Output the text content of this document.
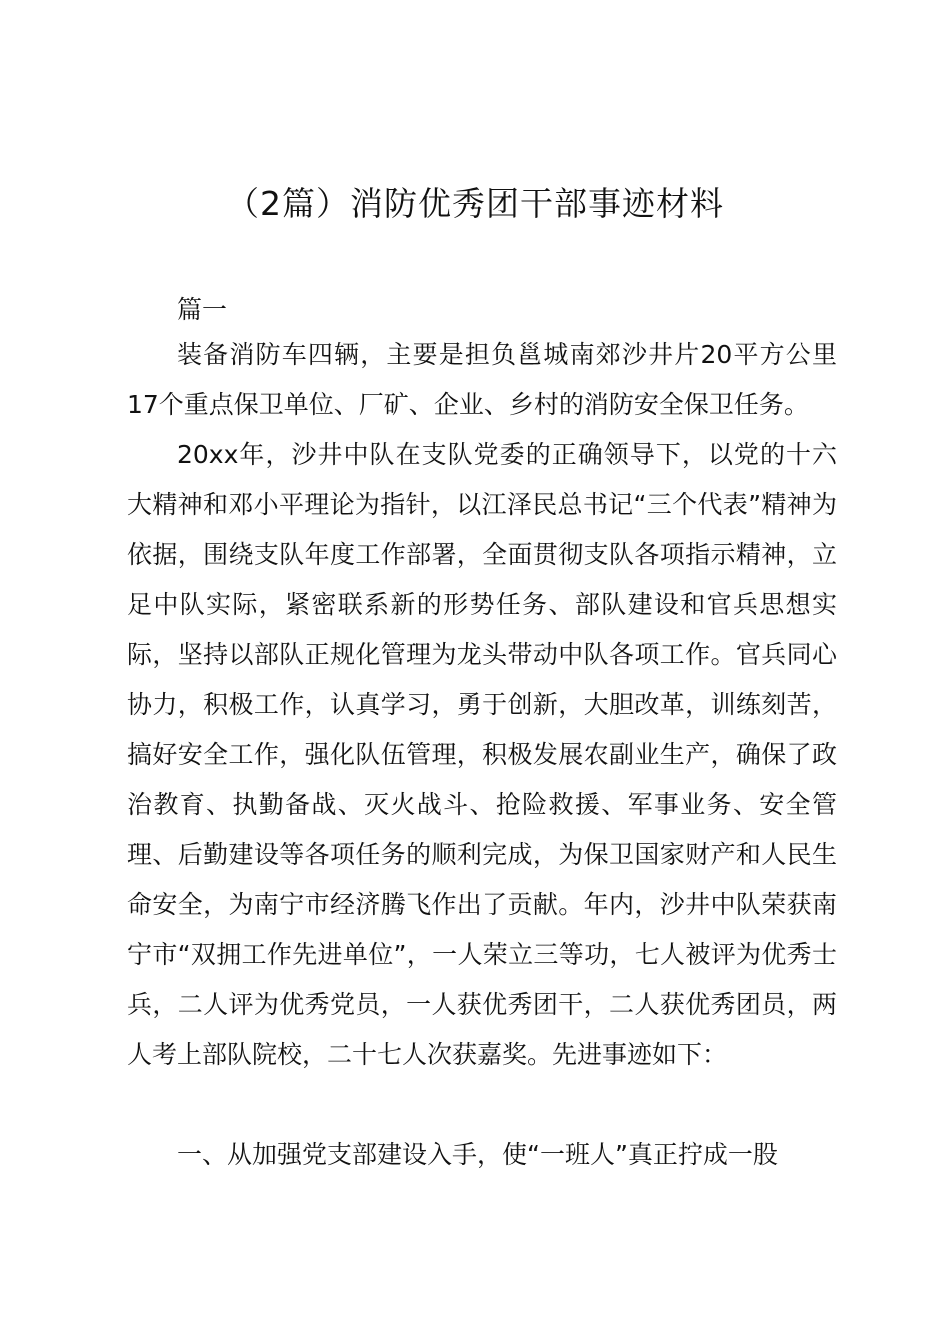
（2篇）消防优秀团干部事迹材料
篇一
装备消防车四辆，主要是担负邕城南郊沙井片20平方公里17个重点保卫单位、厂矿、企业、乡村的消防安全保卫任务。
20xx年，沙井中队在支队党委的正确领导下，以党的十六大精神和邓小平理论为指针，以江泽民总书记“三个代表”精神为依据，围绕支队年度工作部署，全面贯彻支队各项指示精神，立足中队实际，紧密联系新的形势任务、部队建设和官兵思想实际，坚持以部队正规化管理为龙头带动中队各项工作。官兵同心协力，积极工作，认真学习，勇于创新，大胆改革，训练刻苦，搞好安全工作，强化队伍管理，积极发展农副业生产，确保了政治教育、执勤备战、灭火战斗、抢险救援、军事业务、安全管理、后勤建设等各项任务的顺利完成，为保卫国家财产和人民生命安全，为南宁市经济腾飞作出了贡献。年内，沙井中队荣获南宁市“双拥工作先进单位”，一人荣立三等功，七人被评为优秀士兵，二人评为优秀党员，一人获优秀团干，二人获优秀团员，两人考上部队院校，二十七人次获嘉奖。先进事迹如下：
一、从加强党支部建设入手，使“一班人”真正拧成一股
